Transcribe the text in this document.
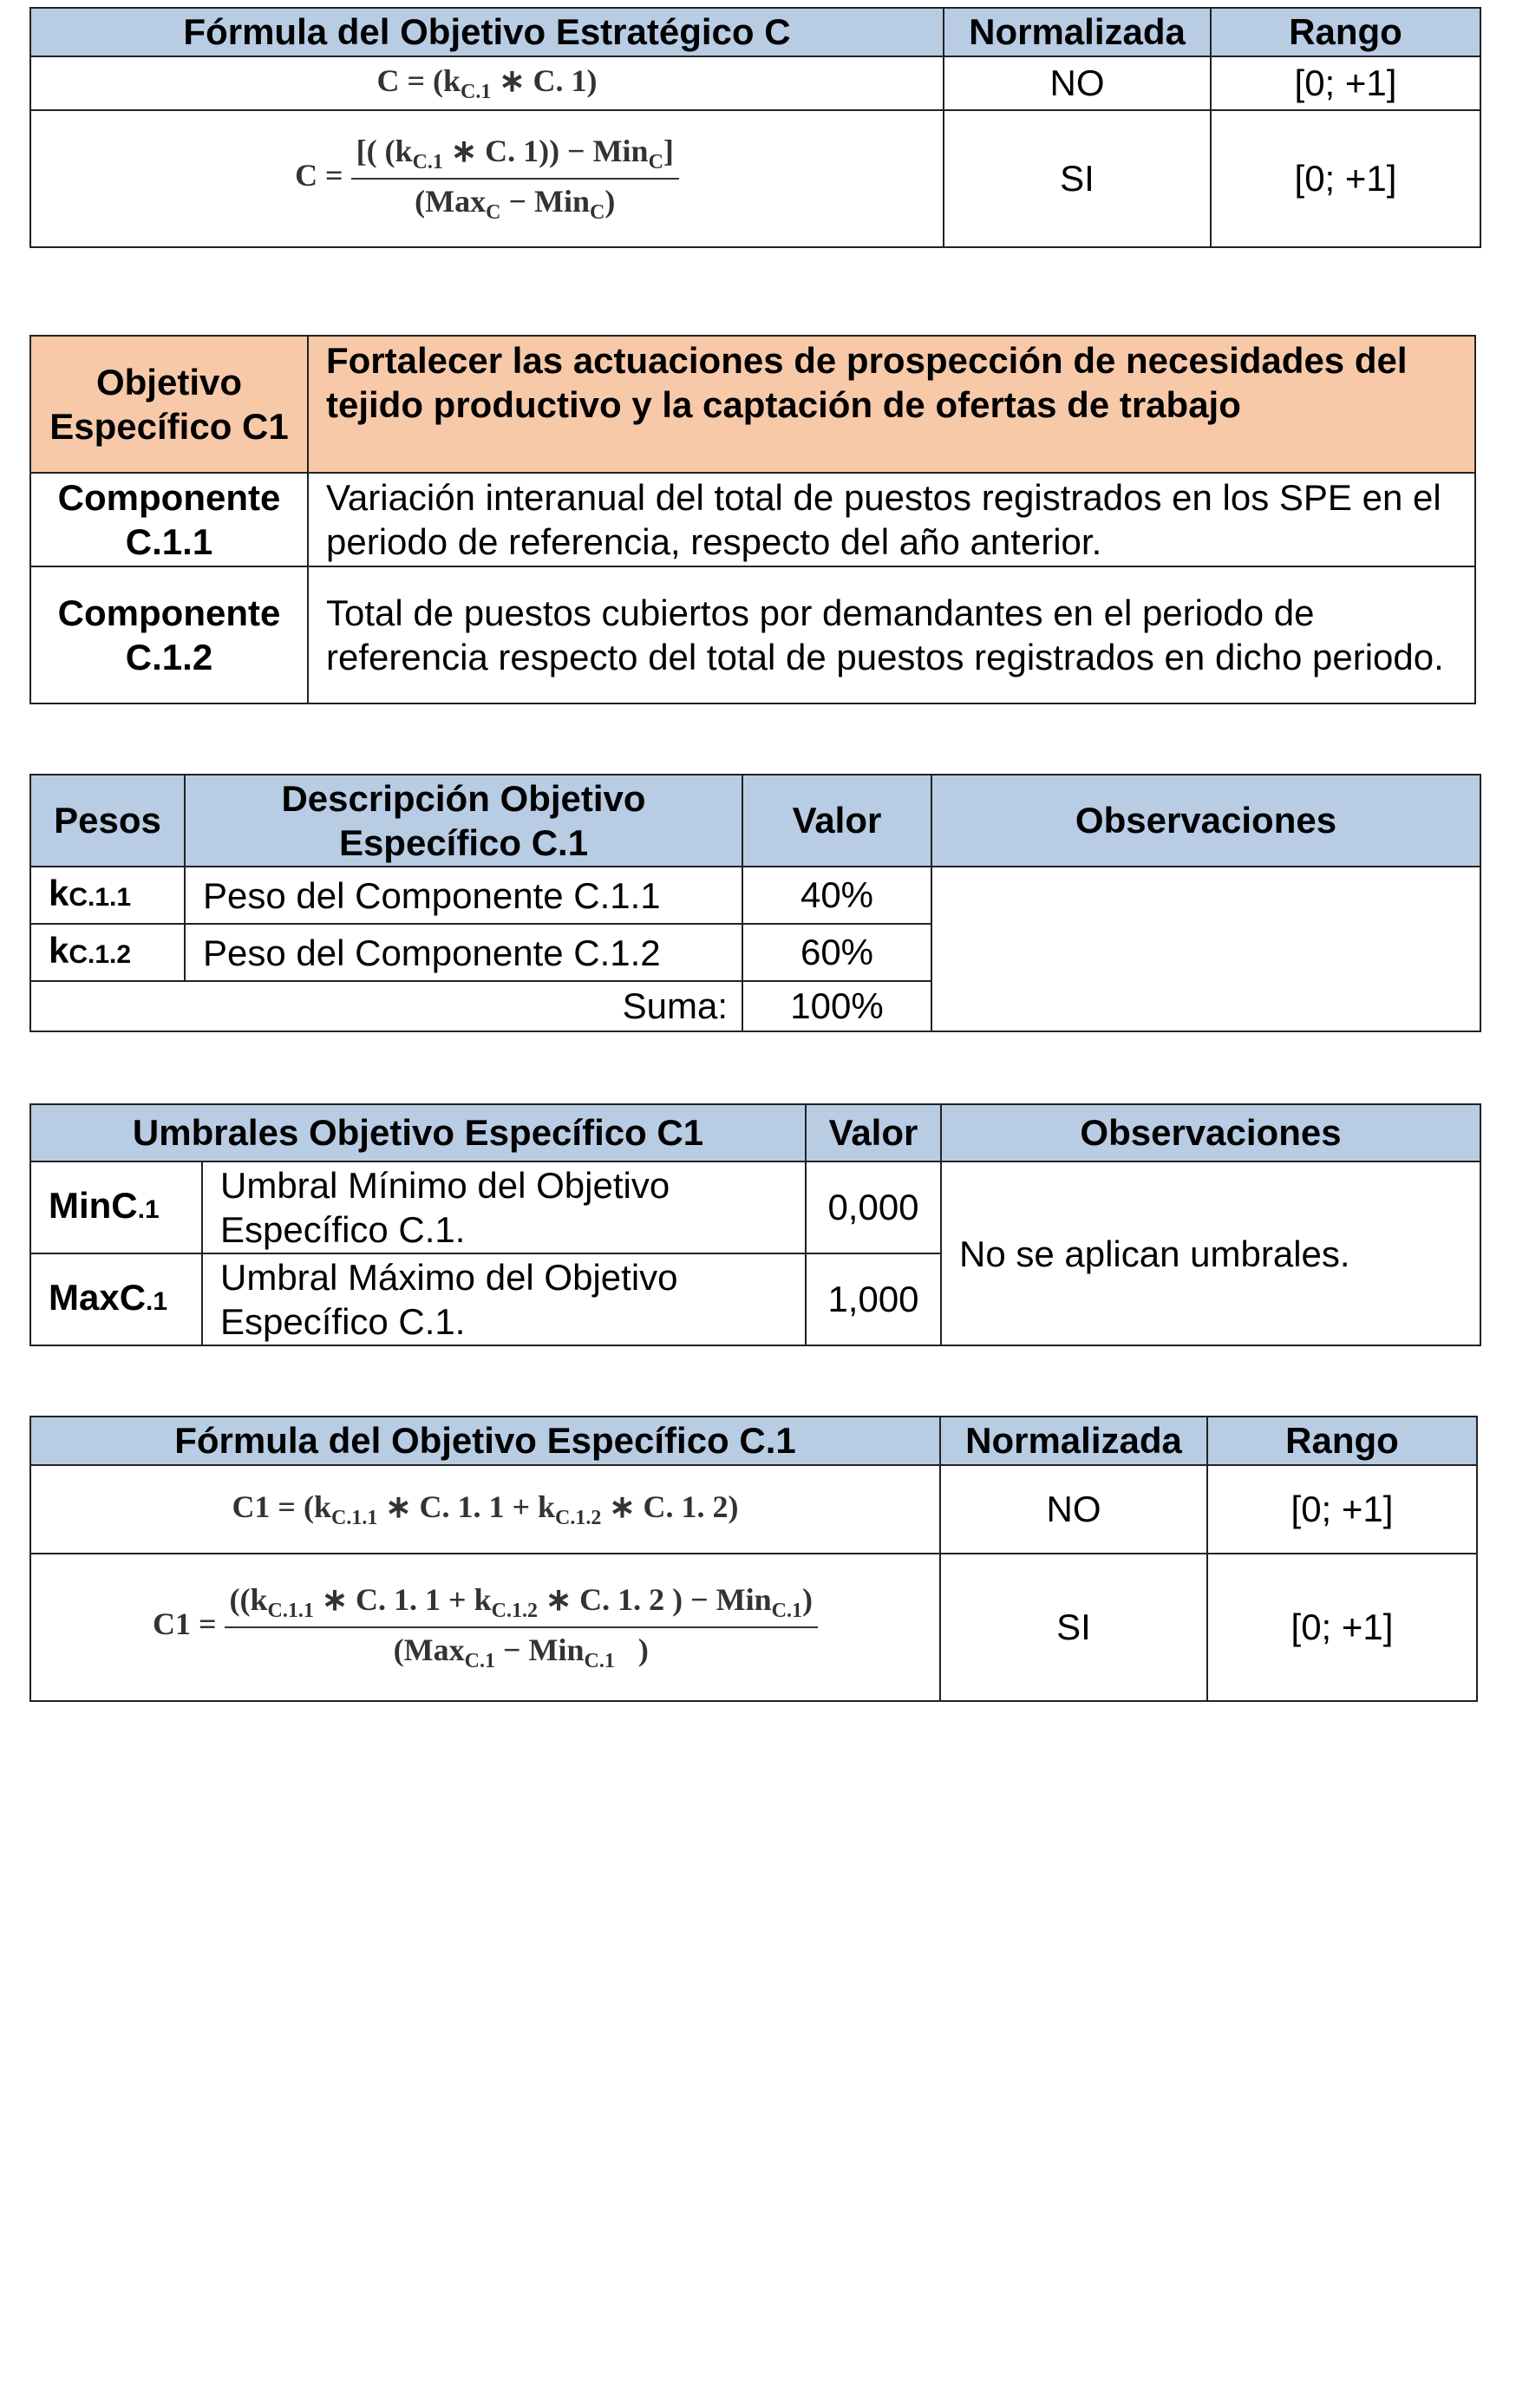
Fórmula del Objetivo Estratégico C	Normalizada	Rango
$C = (k_{C.1}$ ∗ C. 1)	NO	[0; +1]
$C = \frac{[( (k_{C.1} ∗ C. 1)) - Min_C]}{(Max_C - Min_C)}$	SI	[0; +1]
Objetivo Específico C1	Fortalecer las actuaciones de prospección de necesidades del tejido productivo y la captación de ofertas de trabajo
Componente C.1.1	Variación interanual del total de puestos registrados en los SPE en el periodo de referencia, respecto del año anterior.
Componente C.1.2	Total de puestos cubiertos por demandantes en el periodo de referencia respecto del total de puestos registrados en dicho periodo.
Pesos	Descripción Objetivo Específico C.1	Valor	Observaciones
kC.1.1	Peso del Componente C.1.1	40%	
kC.1.2	Peso del Componente C.1.2	60%	
Suma:		100%	
Umbrales Objetivo Específico C1		Valor	Observaciones
MinC.1	Umbral Mínimo del Objetivo Específico C.1.	0,000	No se aplican umbrales.
MaxC.1	Umbral Máximo del Objetivo Específico C.1.	1,000	
Fórmula del Objetivo Específico C.1	Normalizada	Rango
$C1 = (k_{C.1.1}$ ∗ C. 1. $1 + k_{C.1.2}$ ∗ C. 1. 2)	NO	[0; +1]
$C1 = \frac{((k_{C.1.1} ∗ C. 1. 1 + k_{C.1.2} ∗ C. 1. 2 ) - Min_{C.1})}{(Max_{C.1} - Min_{C.1} )}$	SI	[0; +1]
